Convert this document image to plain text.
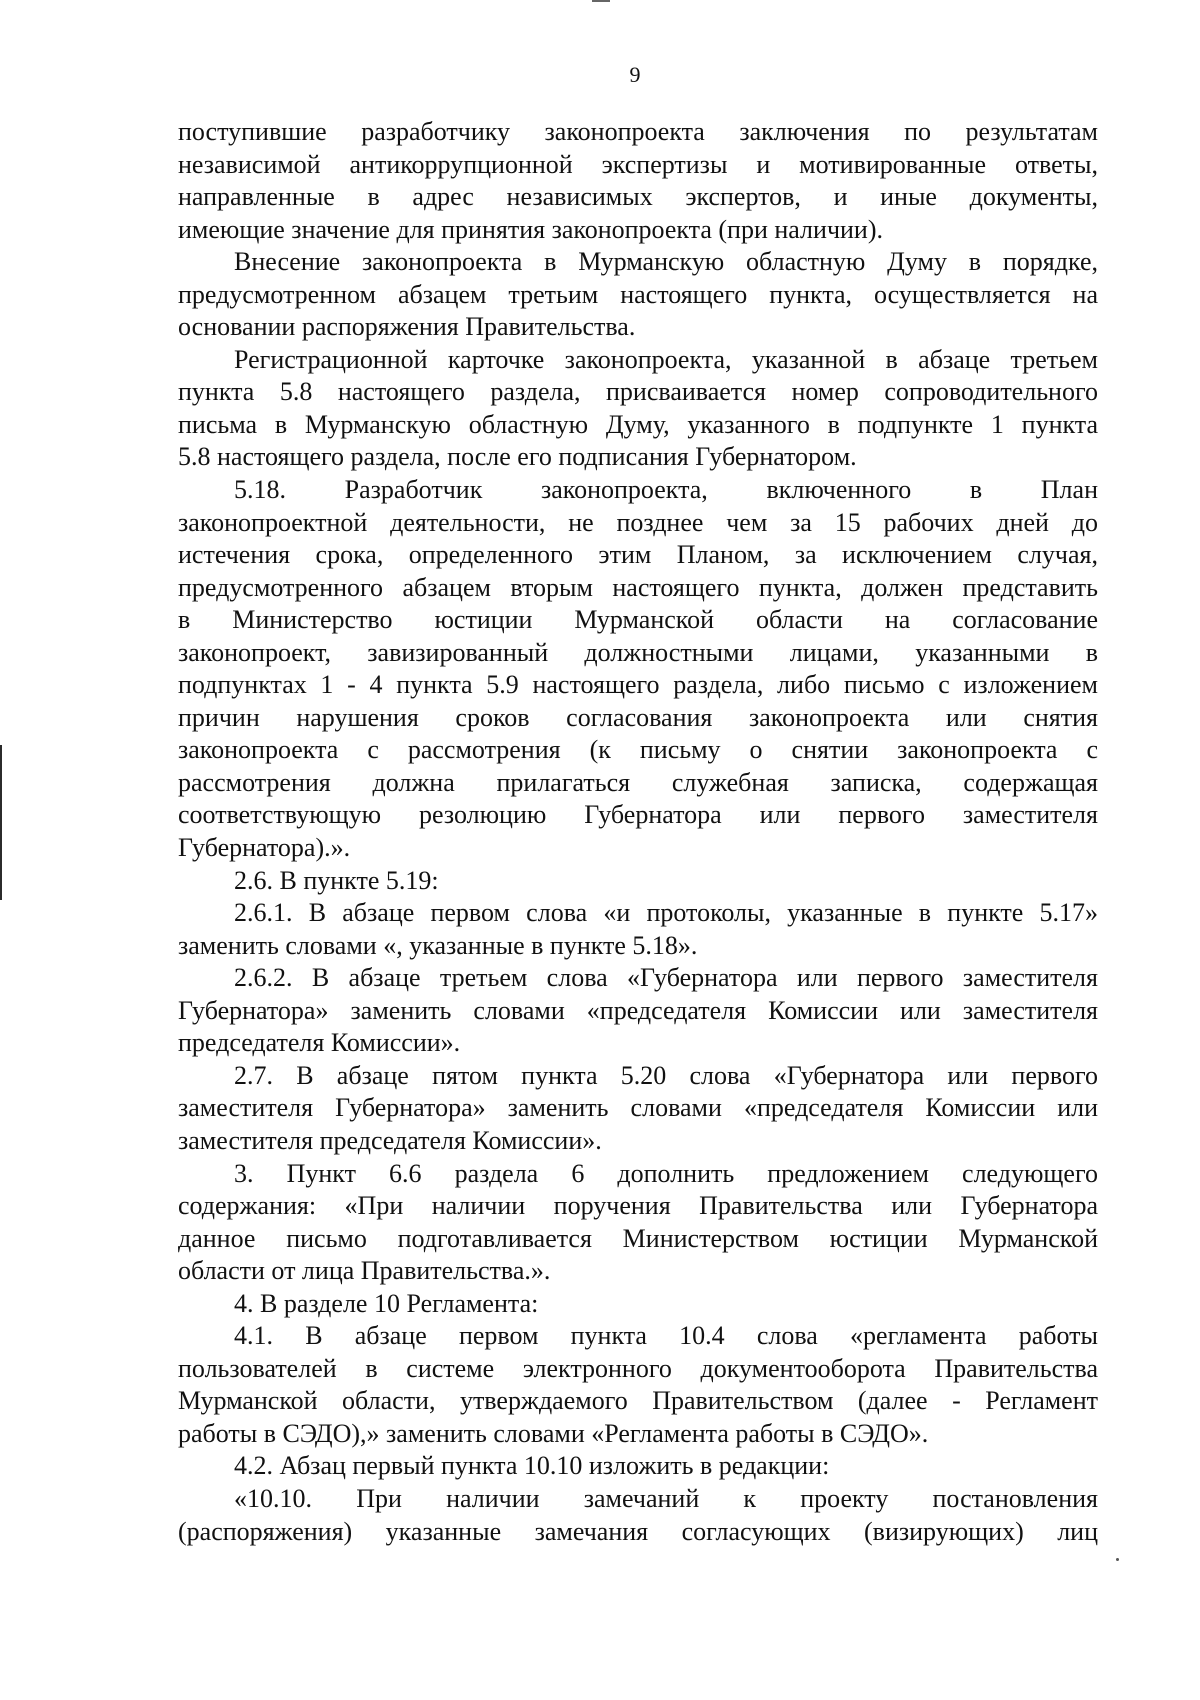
9
поступившие разработчику законопроекта заключения по результатам
независимой антикоррупционной экспертизы и мотивированные ответы,
направленные в адрес независимых экспертов, и иные документы,
имеющие значение для принятия законопроекта (при наличии).
Внесение законопроекта в Мурманскую областную Думу в порядке,
предусмотренном абзацем третьим настоящего пункта, осуществляется на
основании распоряжения Правительства.
Регистрационной карточке законопроекта, указанной в абзаце третьем
пункта 5.8 настоящего раздела, присваивается номер сопроводительного
письма в Мурманскую областную Думу, указанного в подпункте 1 пункта
5.8 настоящего раздела, после его подписания Губернатором.
5.18. Разработчик законопроекта, включенного в План
законопроектной деятельности, не позднее чем за 15 рабочих дней до
истечения срока, определенного этим Планом, за исключением случая,
предусмотренного абзацем вторым настоящего пункта, должен представить
в Министерство юстиции Мурманской области на согласование
законопроект, завизированный должностными лицами, указанными в
подпунктах 1 - 4 пункта 5.9 настоящего раздела, либо письмо с изложением
причин нарушения сроков согласования законопроекта или снятия
законопроекта с рассмотрения (к письму о снятии законопроекта с
рассмотрения должна прилагаться служебная записка, содержащая
соответствующую резолюцию Губернатора или первого заместителя
Губернатора).».
2.6. В пункте 5.19:
2.6.1. В абзаце первом слова «и протоколы, указанные в пункте 5.17»
заменить словами «, указанные в пункте 5.18».
2.6.2. В абзаце третьем слова «Губернатора или первого заместителя
Губернатора» заменить словами «председателя Комиссии или заместителя
председателя Комиссии».
2.7. В абзаце пятом пункта 5.20 слова «Губернатора или первого
заместителя Губернатора» заменить словами «председателя Комиссии или
заместителя председателя Комиссии».
3. Пункт 6.6 раздела 6 дополнить предложением следующего
содержания: «При наличии поручения Правительства или Губернатора
данное письмо подготавливается Министерством юстиции Мурманской
области от лица Правительства.».
4. В разделе 10 Регламента:
4.1. В абзаце первом пункта 10.4 слова «регламента работы
пользователей в системе электронного документооборота Правительства
Мурманской области, утверждаемого Правительством (далее - Регламент
работы в СЭДО),» заменить словами «Регламента работы в СЭДО».
4.2. Абзац первый пункта 10.10 изложить в редакции:
«10.10. При наличии замечаний к проекту постановления
(распоряжения) указанные замечания согласующих (визирующих) лиц
